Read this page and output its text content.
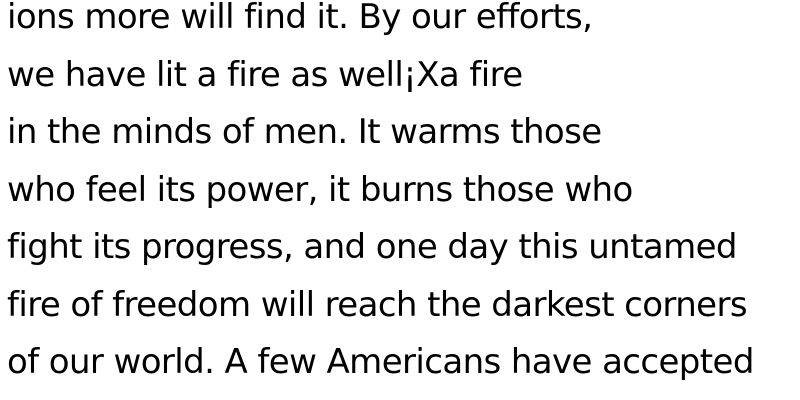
ions more will find it. By our efforts,
we have lit a fire as well¡Xa fire
in the minds of men. It warms those
who feel its power, it burns those who
fight its progress, and one day this untamed
fire of freedom will reach the darkest corners
of our world. A few Americans have accepted
